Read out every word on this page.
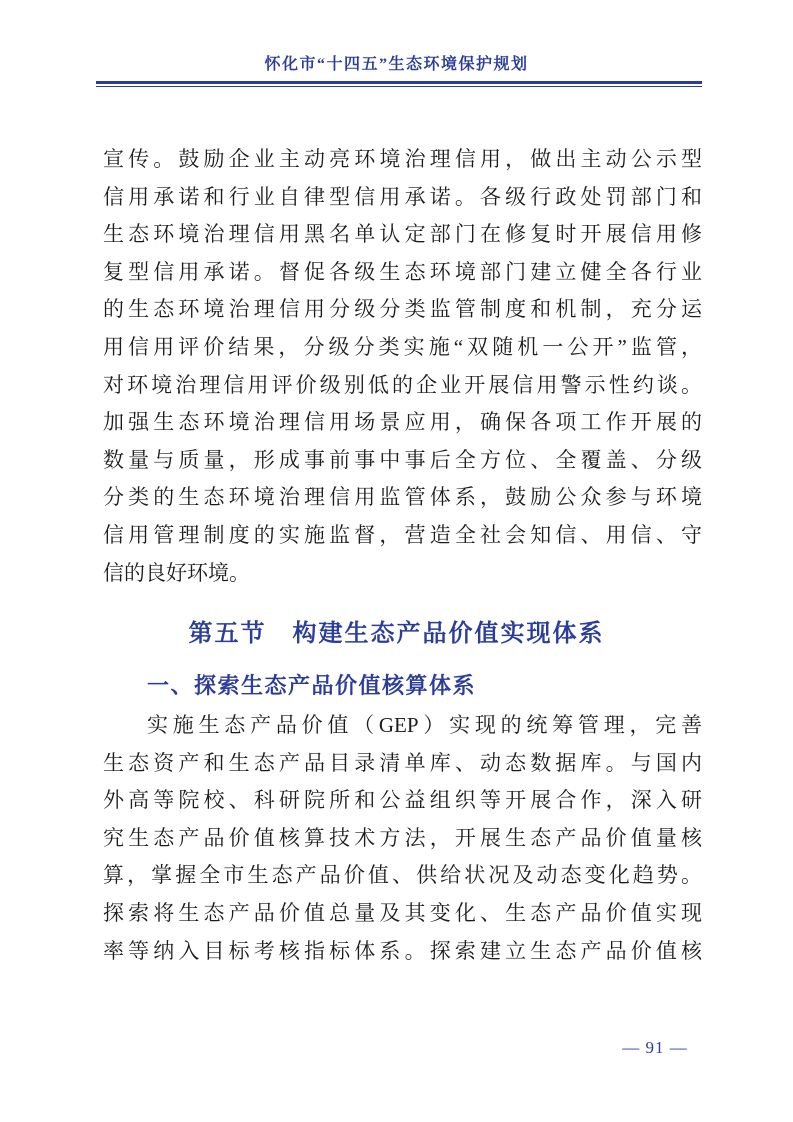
怀化市“十四五”生态环境保护规划
宣传。鼓励企业主动亮环境治理信用，做出主动公示型
信用承诺和行业自律型信用承诺。各级行政处罚部门和
生态环境治理信用黑名单认定部门在修复时开展信用修
复型信用承诺。督促各级生态环境部门建立健全各行业
的生态环境治理信用分级分类监管制度和机制，充分运
用信用评价结果，分级分类实施“双随机一公开”监管，
对环境治理信用评价级别低的企业开展信用警示性约谈。
加强生态环境治理信用场景应用，确保各项工作开展的
数量与质量，形成事前事中事后全方位、全覆盖、分级
分类的生态环境治理信用监管体系，鼓励公众参与环境
信用管理制度的实施监督，营造全社会知信、用信、守
信的良好环境。
第五节　构建生态产品价值实现体系
一、探索生态产品价值核算体系
实施生态产品价值（GEP）实现的统筹管理，完善
生态资产和生态产品目录清单库、动态数据库。与国内
外高等院校、科研院所和公益组织等开展合作，深入研
究生态产品价值核算技术方法，开展生态产品价值量核
算，掌握全市生态产品价值、供给状况及动态变化趋势。
探索将生态产品价值总量及其变化、生态产品价值实现
率等纳入目标考核指标体系。探索建立生态产品价值核
— 91 —
